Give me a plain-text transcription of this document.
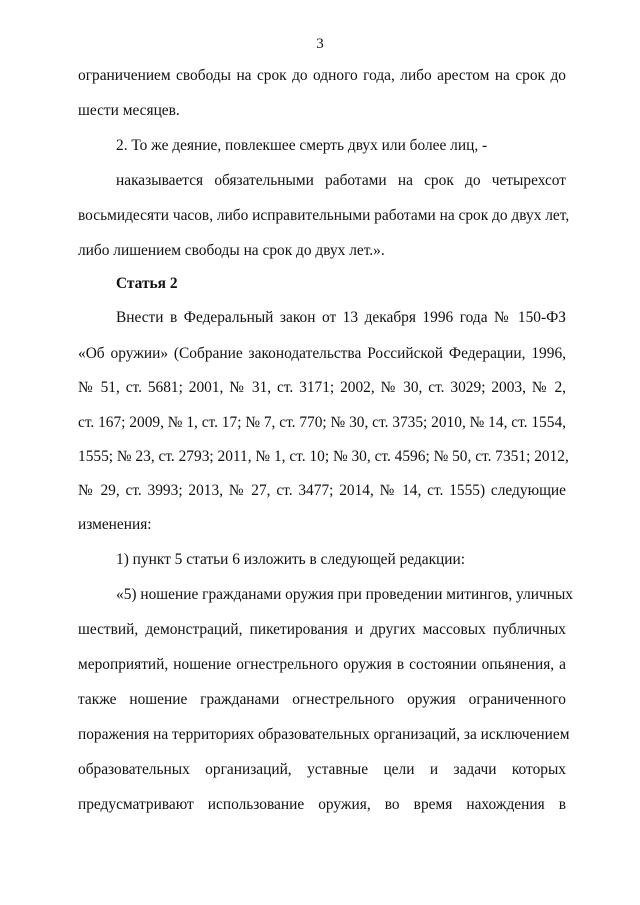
3
ограничением свободы на срок до одного года, либо арестом на срок до
шести месяцев.
2. То же деяние, повлекшее смерть двух или более лиц, -
наказывается обязательными работами на срок до четырехсот
восьмидесяти часов, либо исправительными работами на срок до двух лет,
либо лишением свободы на срок до двух лет.».
Статья 2
Внести в Федеральный закон от 13 декабря 1996 года № 150-ФЗ
«Об оружии» (Собрание законодательства Российской Федерации, 1996,
№ 51, ст. 5681; 2001, № 31, ст. 3171; 2002, № 30, ст. 3029; 2003, № 2,
ст. 167; 2009, № 1, ст. 17; № 7, ст. 770; № 30, ст. 3735; 2010, № 14, ст. 1554,
1555; № 23, ст. 2793; 2011, № 1, ст. 10; № 30, ст. 4596; № 50, ст. 7351; 2012,
№ 29, ст. 3993; 2013, № 27, ст. 3477; 2014, № 14, ст. 1555) следующие
изменения:
1) пункт 5 статьи 6 изложить в следующей редакции:
«5) ношение гражданами оружия при проведении митингов, уличных
шествий, демонстраций, пикетирования и других массовых публичных
мероприятий, ношение огнестрельного оружия в состоянии опьянения, а
также ношение гражданами огнестрельного оружия ограниченного
поражения на территориях образовательных организаций, за исключением
образовательных организаций, уставные цели и задачи которых
предусматривают использование оружия, во время нахождения в
